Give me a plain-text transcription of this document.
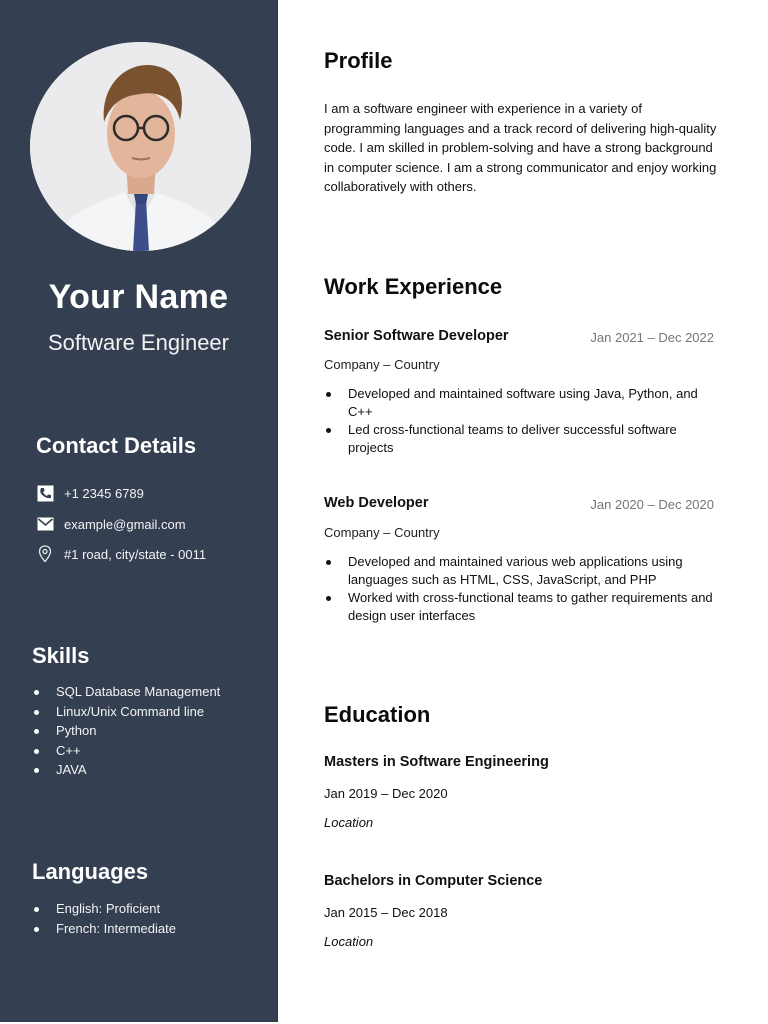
Your Name
Software Engineer
Contact Details
+1 2345 6789
example@gmail.com
#1 road, city/state - 0011
Skills
SQL Database Management
Linux/Unix Command line
Python
C++
JAVA
Languages
English: Proficient
French: Intermediate
Profile
I am a software engineer with experience in a variety of programming languages and a track record of delivering high-quality code. I am skilled in problem-solving and have a strong background in computer science. I am a strong communicator and enjoy working collaboratively with others.
Work Experience
Senior Software Developer	Jan 2021 – Dec 2022
Company – Country
Developed and maintained software using Java, Python, and C++
Led cross-functional teams to deliver successful software projects
Web Developer	Jan 2020 – Dec 2020
Company – Country
Developed and maintained various web applications using languages such as HTML, CSS, JavaScript, and PHP
Worked with cross-functional teams to gather requirements and design user interfaces
Education
Masters in Software Engineering
Jan 2019 – Dec 2020
Location
Bachelors in Computer Science
Jan 2015 – Dec 2018
Location
